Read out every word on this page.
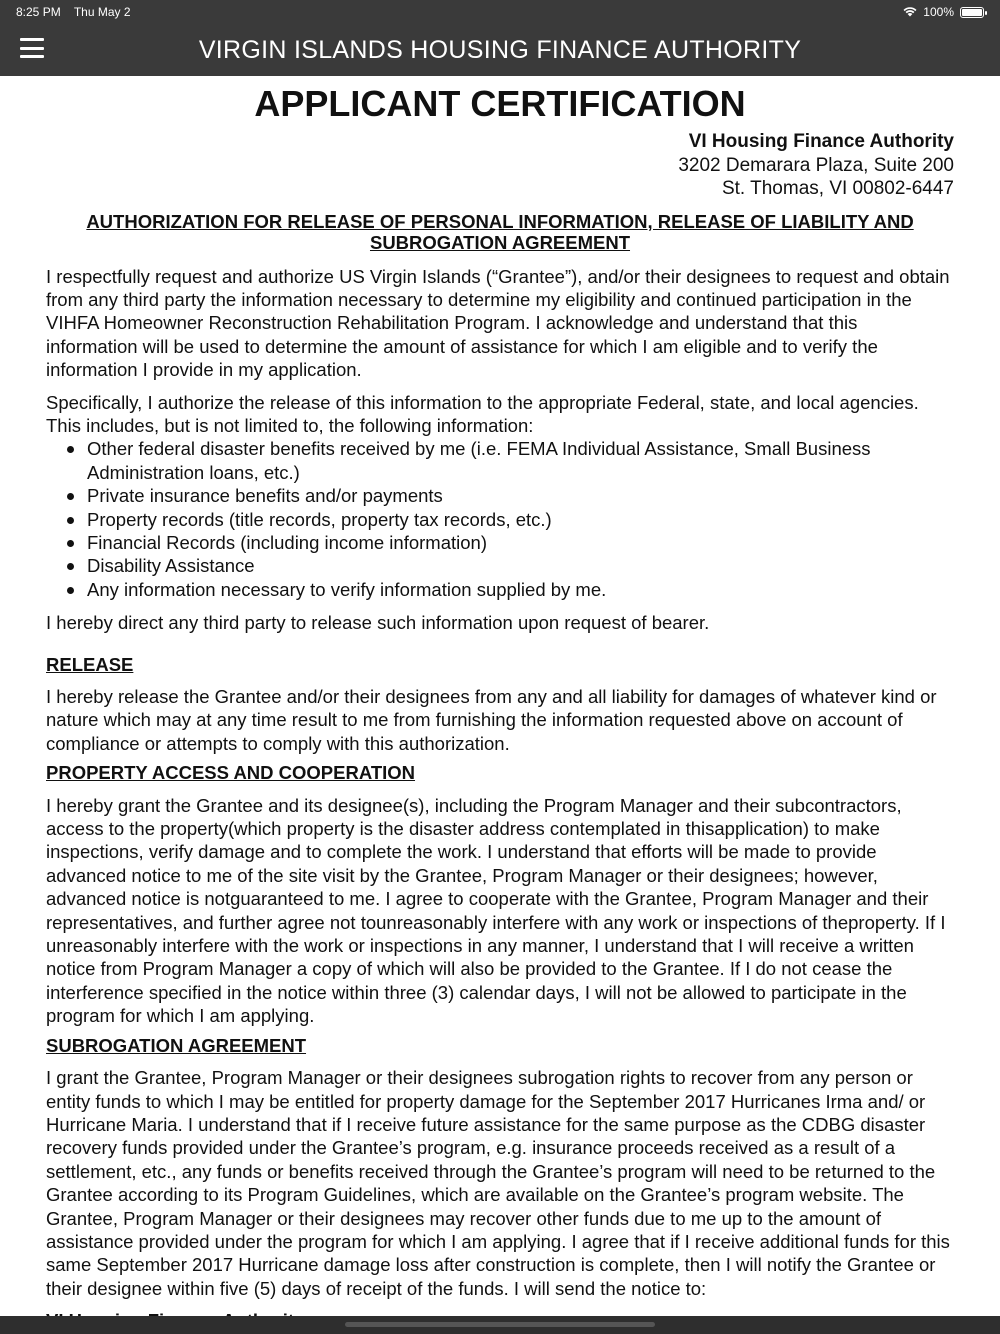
8:25 PM Thu May 2	100%
VIRGIN ISLANDS HOUSING FINANCE AUTHORITY
APPLICANT CERTIFICATION
VI Housing Finance Authority
3202 Demarara Plaza, Suite 200
St. Thomas, VI 00802-6447
AUTHORIZATION FOR RELEASE OF PERSONAL INFORMATION, RELEASE OF LIABILITY AND SUBROGATION AGREEMENT

I respectfully request and authorize US Virgin Islands (“Grantee”), and/or their designees to request and obtain from any third party the information necessary to determine my eligibility and continued participation in the VIHFA Homeowner Reconstruction Rehabilitation Program. I acknowledge and understand that this information will be used to determine the amount of assistance for which I am eligible and to verify the information I provide in my application.

Specifically, I authorize the release of this information to the appropriate Federal, state, and local agencies. This includes, but is not limited to, the following information:

Other federal disaster benefits received by me (i.e. FEMA Individual Assistance, Small Business Administration loans, etc.)
Private insurance benefits and/or payments
Property records (title records, property tax records, etc.)
Financial Records (including income information)
Disability Assistance
Any information necessary to verify information supplied by me.

I hereby direct any third party to release such information upon request of bearer.

RELEASE

I hereby release the Grantee and/or their designees from any and all liability for damages of whatever kind or nature which may at any time result to me from furnishing the information requested above on account of compliance or attempts to comply with this authorization.

PROPERTY ACCESS AND COOPERATION

I hereby grant the Grantee and its designee(s), including the Program Manager and their subcontractors, access to the property(which property is the disaster address contemplated in thisapplication) to make inspections, verify damage and to complete the work. I understand that efforts will be made to provide advanced notice to me of the site visit by the Grantee, Program Manager or their designees; however, advanced notice is notguaranteed to me. I agree to cooperate with the Grantee, Program Manager and their representatives, and further agree not tounreasonably interfere with any work or inspections of theproperty. If I unreasonably interfere with the work or inspections in any manner, I understand that I will receive a written notice from Program Manager a copy of which will also be provided to the Grantee. If I do not cease the interference specified in the notice within three (3) calendar days, I will not be allowed to participate in the program for which I am applying.

SUBROGATION AGREEMENT

I grant the Grantee, Program Manager or their designees subrogation rights to recover from any person or entity funds to which I may be entitled for property damage for the September 2017 Hurricanes Irma and/ or Hurricane Maria. I understand that if I receive future assistance for the same purpose as the CDBG disaster recovery funds provided under the Grantee’s program, e.g. insurance proceeds received as a result of a settlement, etc., any funds or benefits received through the Grantee’s program will need to be returned to the Grantee according to its Program Guidelines, which are available on the Grantee’s program website. The Grantee, Program Manager or their designees may recover other funds due to me up to the amount of assistance provided under the program for which I am applying. I agree that if I receive additional funds for this same September 2017 Hurricane damage loss after construction is complete, then I will notify the Grantee or their designee within five (5) days of receipt of the funds. I will send the notice to:
